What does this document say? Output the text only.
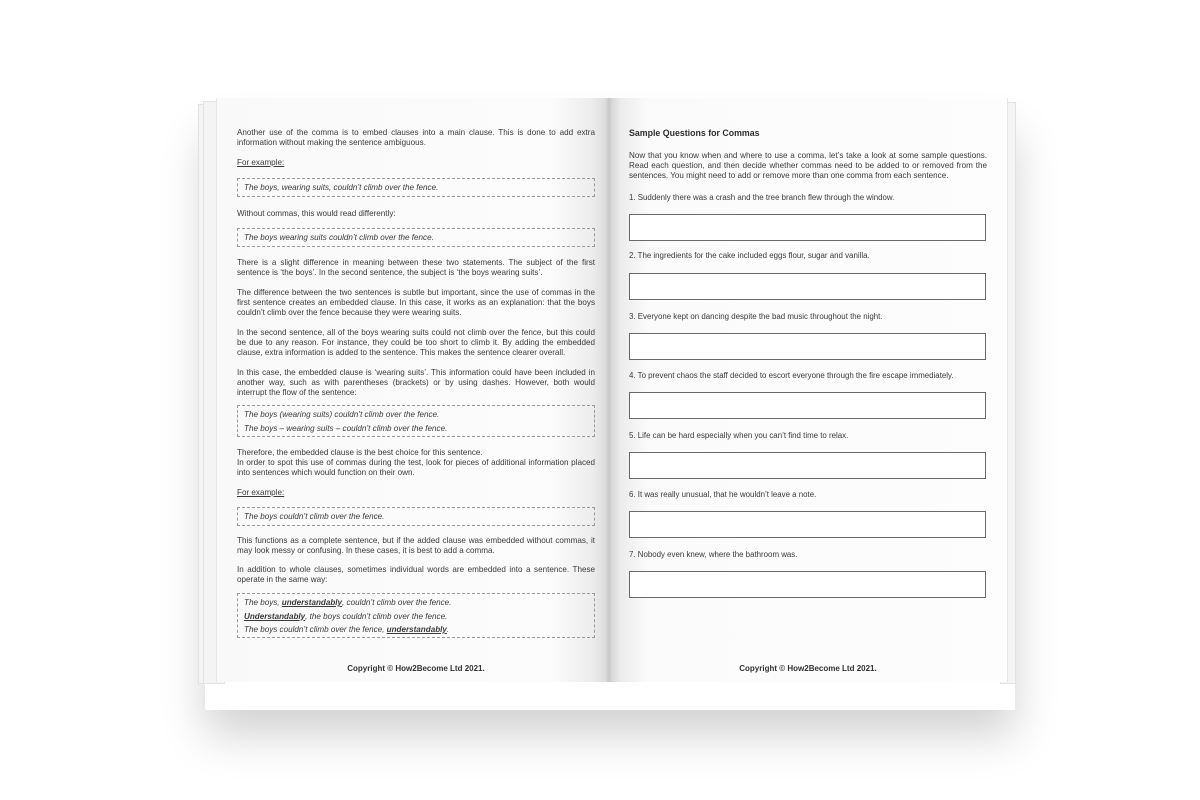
Another use of the comma is to embed clauses into a main clause. This is done to add extra information without making the sentence ambiguous.

For example:

The boys, wearing suits, couldn’t climb over the fence.

Without commas, this would read differently:

The boys wearing suits couldn’t climb over the fence.

There is a slight difference in meaning between these two statements. The subject of the first sentence is ‘the boys’. In the second sentence, the subject is ‘the boys wearing suits’.

The difference between the two sentences is subtle but important, since the use of commas in the first sentence creates an embedded clause. In this case, it works as an explanation: that the boys couldn’t climb over the fence because they were wearing suits.

In the second sentence, all of the boys wearing suits could not climb over the fence, but this could be due to any reason. For instance, they could be too short to climb it. By adding the embedded clause, extra information is added to the sentence. This makes the sentence clearer overall.

In this case, the embedded clause is ‘wearing suits’. This information could have been included in another way, such as with parentheses (brackets) or by using dashes. However, both would interrupt the flow of the sentence:

The boys (wearing suits) couldn’t climb over the fence.
The boys – wearing suits – couldn’t climb over the fence.

Therefore, the embedded clause is the best choice for this sentence.

In order to spot this use of commas during the test, look for pieces of additional information placed into sentences which would function on their own.

For example:

The boys couldn’t climb over the fence.

This functions as a complete sentence, but if the added clause was embedded without commas, it may look messy or confusing. In these cases, it is best to add a comma.

In addition to whole clauses, sometimes individual words are embedded into a sentence. These operate in the same way:

The boys, understandably, couldn’t climb over the fence.
Understandably, the boys couldn’t climb over the fence.
The boys couldn’t climb over the fence, understandably.
Copyright © How2Become Ltd 2021.
Sample Questions for Commas

Now that you know when and where to use a comma, let’s take a look at some sample questions. Read each question, and then decide whether commas need to be added to or removed from the sentences. You might need to add or remove more than one comma from each sentence.

1. Suddenly there was a crash and the tree branch flew through the window.

2. The ingredients for the cake included eggs flour, sugar and vanilla.

3. Everyone kept on dancing despite the bad music throughout the night.

4. To prevent chaos the staff decided to escort everyone through the fire escape immediately.

5. Life can be hard especially when you can’t find time to relax.

6. It was really unusual, that he wouldn’t leave a note.

7. Nobody even knew, where the bathroom was.

Copyright © How2Become Ltd 2021.
